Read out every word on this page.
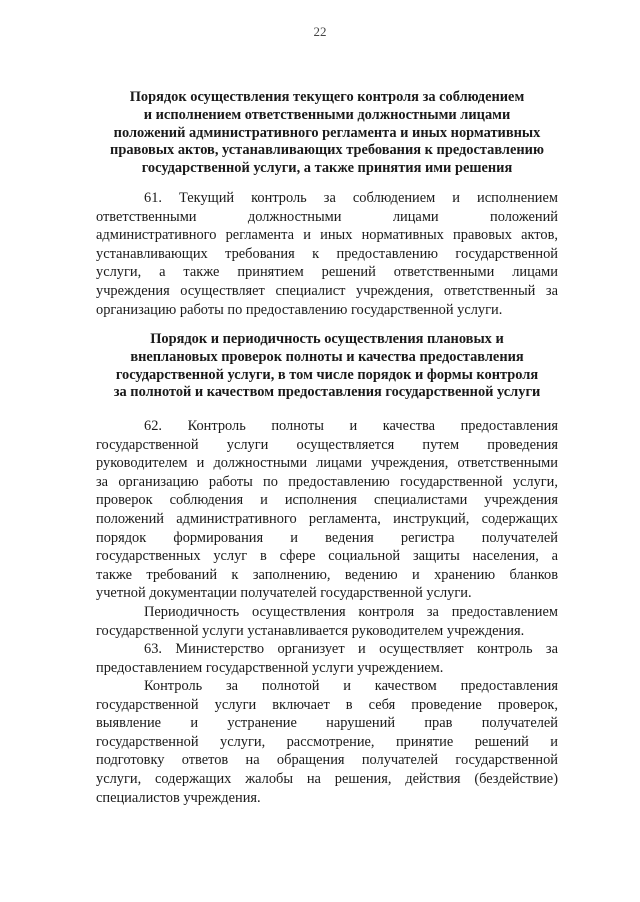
22
Порядок осуществления текущего контроля за соблюдением
и исполнением ответственными должностными лицами
положений административного регламента и иных нормативных
правовых актов, устанавливающих требования к предоставлению
государственной услуги, а также принятия ими решения
61. Текущий контроль за соблюдением и исполнением
ответственными должностными лицами положений
административного регламента и иных нормативных правовых актов,
устанавливающих требования к предоставлению государственной
услуги, а также принятием решений ответственными лицами
учреждения осуществляет специалист учреждения, ответственный за
организацию работы по предоставлению государственной услуги.
Порядок и периодичность осуществления плановых и
внеплановых проверок полноты и качества предоставления
государственной услуги, в том числе порядок и формы контроля
за полнотой и качеством предоставления государственной услуги
62. Контроль полноты и качества предоставления
государственной услуги осуществляется путем проведения
руководителем и должностными лицами учреждения, ответственными
за организацию работы по предоставлению государственной услуги,
проверок соблюдения и исполнения специалистами учреждения
положений административного регламента, инструкций, содержащих
порядок формирования и ведения регистра получателей
государственных услуг в сфере социальной защиты населения, а
также требований к заполнению, ведению и хранению бланков
учетной документации получателей государственной услуги.
Периодичность осуществления контроля за предоставлением
государственной услуги устанавливается руководителем учреждения.
63. Министерство организует и осуществляет контроль за
предоставлением государственной услуги учреждением.
Контроль за полнотой и качеством предоставления
государственной услуги включает в себя проведение проверок,
выявление и устранение нарушений прав получателей
государственной услуги, рассмотрение, принятие решений и
подготовку ответов на обращения получателей государственной
услуги, содержащих жалобы на решения, действия (бездействие)
специалистов учреждения.
